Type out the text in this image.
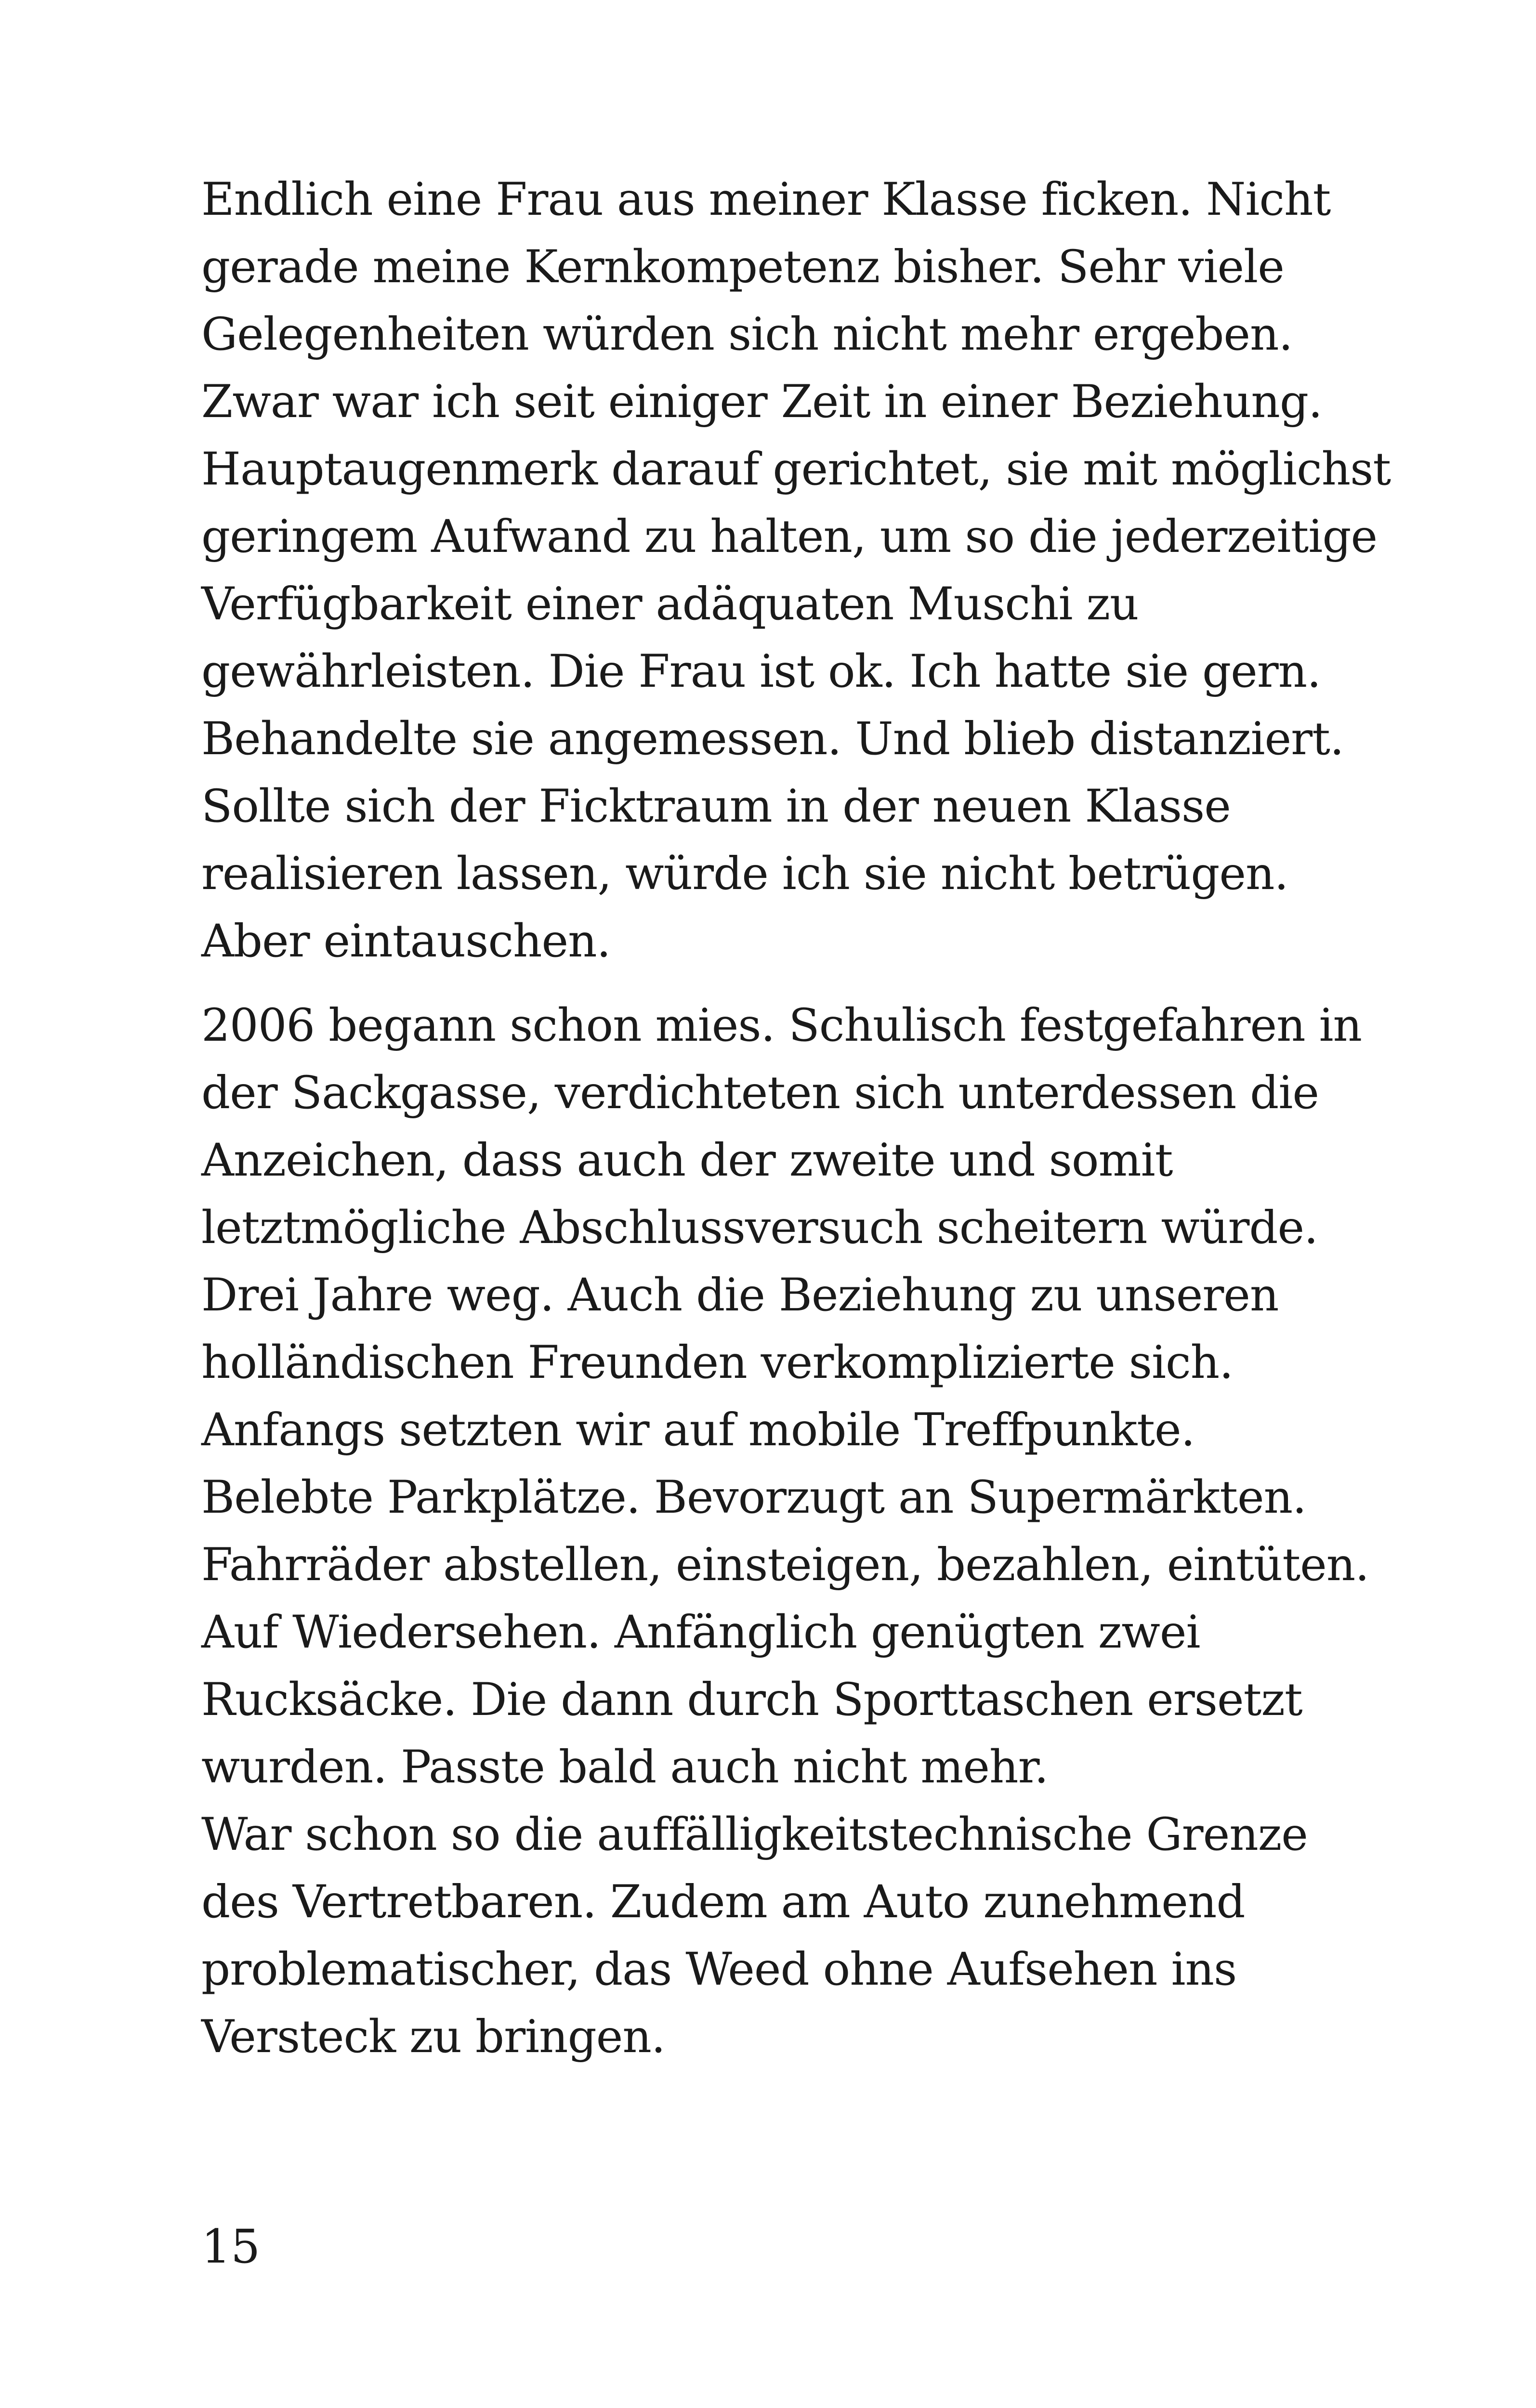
Endlich eine Frau aus meiner Klasse ficken. Nicht
gerade meine Kernkompetenz bisher. Sehr viele
Gelegenheiten würden sich nicht mehr ergeben.
Zwar war ich seit einiger Zeit in einer Beziehung.
Hauptaugenmerk darauf gerichtet, sie mit möglichst
geringem Aufwand zu halten, um so die jederzeitige
Verfügbarkeit einer adäquaten Muschi zu
gewährleisten. Die Frau ist ok. Ich hatte sie gern.
Behandelte sie angemessen. Und blieb distanziert.
Sollte sich der Ficktraum in der neuen Klasse
realisieren lassen, würde ich sie nicht betrügen.
Aber eintauschen.
2006 begann schon mies. Schulisch festgefahren in
der Sackgasse, verdichteten sich unterdessen die
Anzeichen, dass auch der zweite und somit
letztmögliche Abschlussversuch scheitern würde.
Drei Jahre weg. Auch die Beziehung zu unseren
holländischen Freunden verkomplizierte sich.
Anfangs setzten wir auf mobile Treffpunkte.
Belebte Parkplätze. Bevorzugt an Supermärkten.
Fahrräder abstellen, einsteigen, bezahlen, eintüten.
Auf Wiedersehen. Anfänglich genügten zwei
Rucksäcke. Die dann durch Sporttaschen ersetzt
wurden. Passte bald auch nicht mehr.
War schon so die auffälligkeitstechnische Grenze
des Vertretbaren. Zudem am Auto zunehmend
problematischer, das Weed ohne Aufsehen ins
Versteck zu bringen.
15
